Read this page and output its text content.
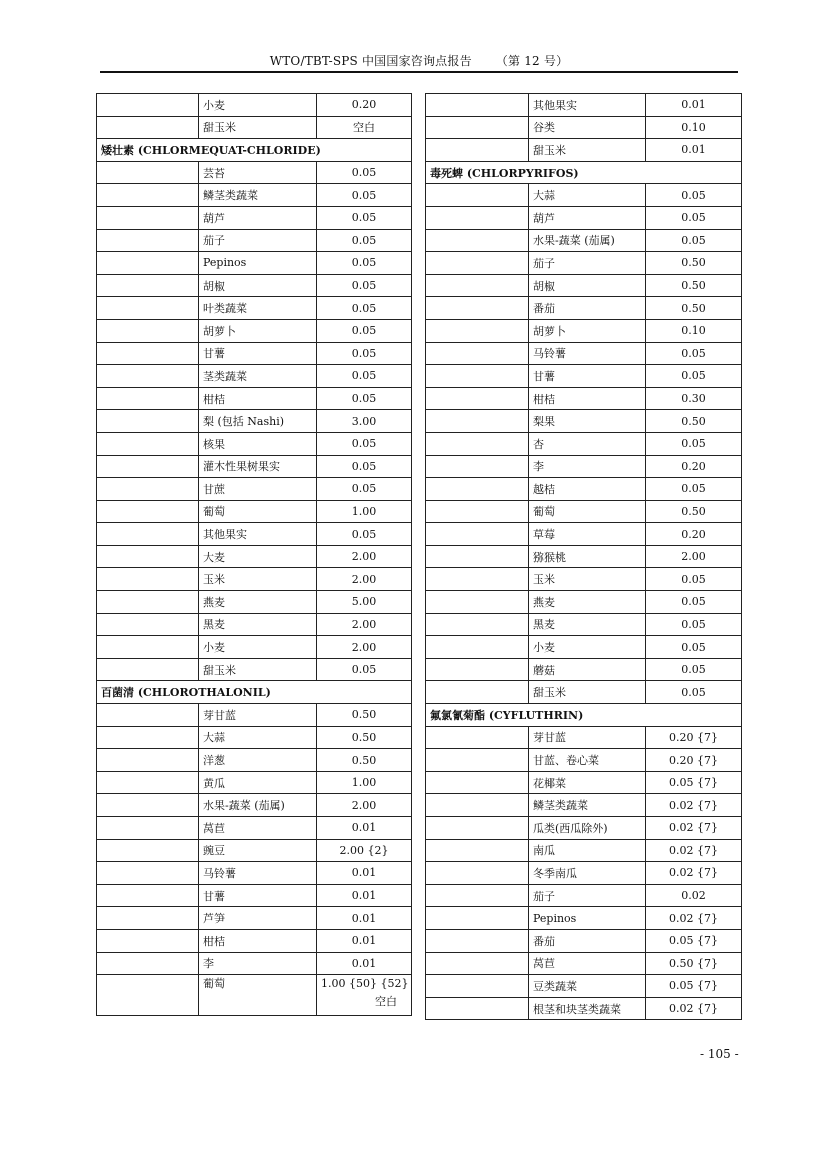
WTO/TBT-SPS 中国国家咨询点报告 （第 12 号）
	小麦	0.20
	甜玉米	空白
矮壮素 (CHLORMEQUAT-CHLORIDE)		
	芸苔	0.05
	鳞茎类蔬菜	0.05
	葫芦	0.05
	茄子	0.05
	Pepinos	0.05
	胡椒	0.05
	叶类蔬菜	0.05
	胡萝卜	0.05
	甘薯	0.05
	茎类蔬菜	0.05
	柑桔	0.05
	梨 (包括 Nashi)	3.00
	核果	0.05
	灌木性果树果实	0.05
	甘蔗	0.05
	葡萄	1.00
	其他果实	0.05
	大麦	2.00
	玉米	2.00
	燕麦	5.00
	黑麦	2.00
	小麦	2.00
	甜玉米	0.05
百菌清 (CHLOROTHALONIL)		
	芽甘蓝	0.50
	大蒜	0.50
	洋葱	0.50
	黄瓜	1.00
	水果-蔬菜 (茄属)	2.00
	莴苣	0.01
	豌豆	2.00 {2}
	马铃薯	0.01
	甘薯	0.01
	芦笋	0.01
	柑桔	0.01
	李	0.01
	葡萄	1.00 {50} {52}
空白
	其他果实	0.01
	谷类	0.10
	甜玉米	0.01
毒死蜱 (CHLORPYRIFOS)		
	大蒜	0.05
	葫芦	0.05
	水果-蔬菜 (茄属)	0.05
	茄子	0.50
	胡椒	0.50
	番茄	0.50
	胡萝卜	0.10
	马铃薯	0.05
	甘薯	0.05
	柑桔	0.30
	梨果	0.50
	杏	0.05
	李	0.20
	越桔	0.05
	葡萄	0.50
	草莓	0.20
	猕猴桃	2.00
	玉米	0.05
	燕麦	0.05
	黑麦	0.05
	小麦	0.05
	蘑菇	0.05
	甜玉米	0.05
氟氯氰菊酯 (CYFLUTHRIN)		
	芽甘蓝	0.20 {7}
	甘蓝、卷心菜	0.20 {7}
	花椰菜	0.05 {7}
	鳞茎类蔬菜	0.02 {7}
	瓜类(西瓜除外)	0.02 {7}
	南瓜	0.02 {7}
	冬季南瓜	0.02 {7}
	茄子	0.02
	Pepinos	0.02 {7}
	番茄	0.05 {7}
	莴苣	0.50 {7}
	豆类蔬菜	0.05 {7}
	根茎和块茎类蔬菜	0.02 {7}
- 105 -
